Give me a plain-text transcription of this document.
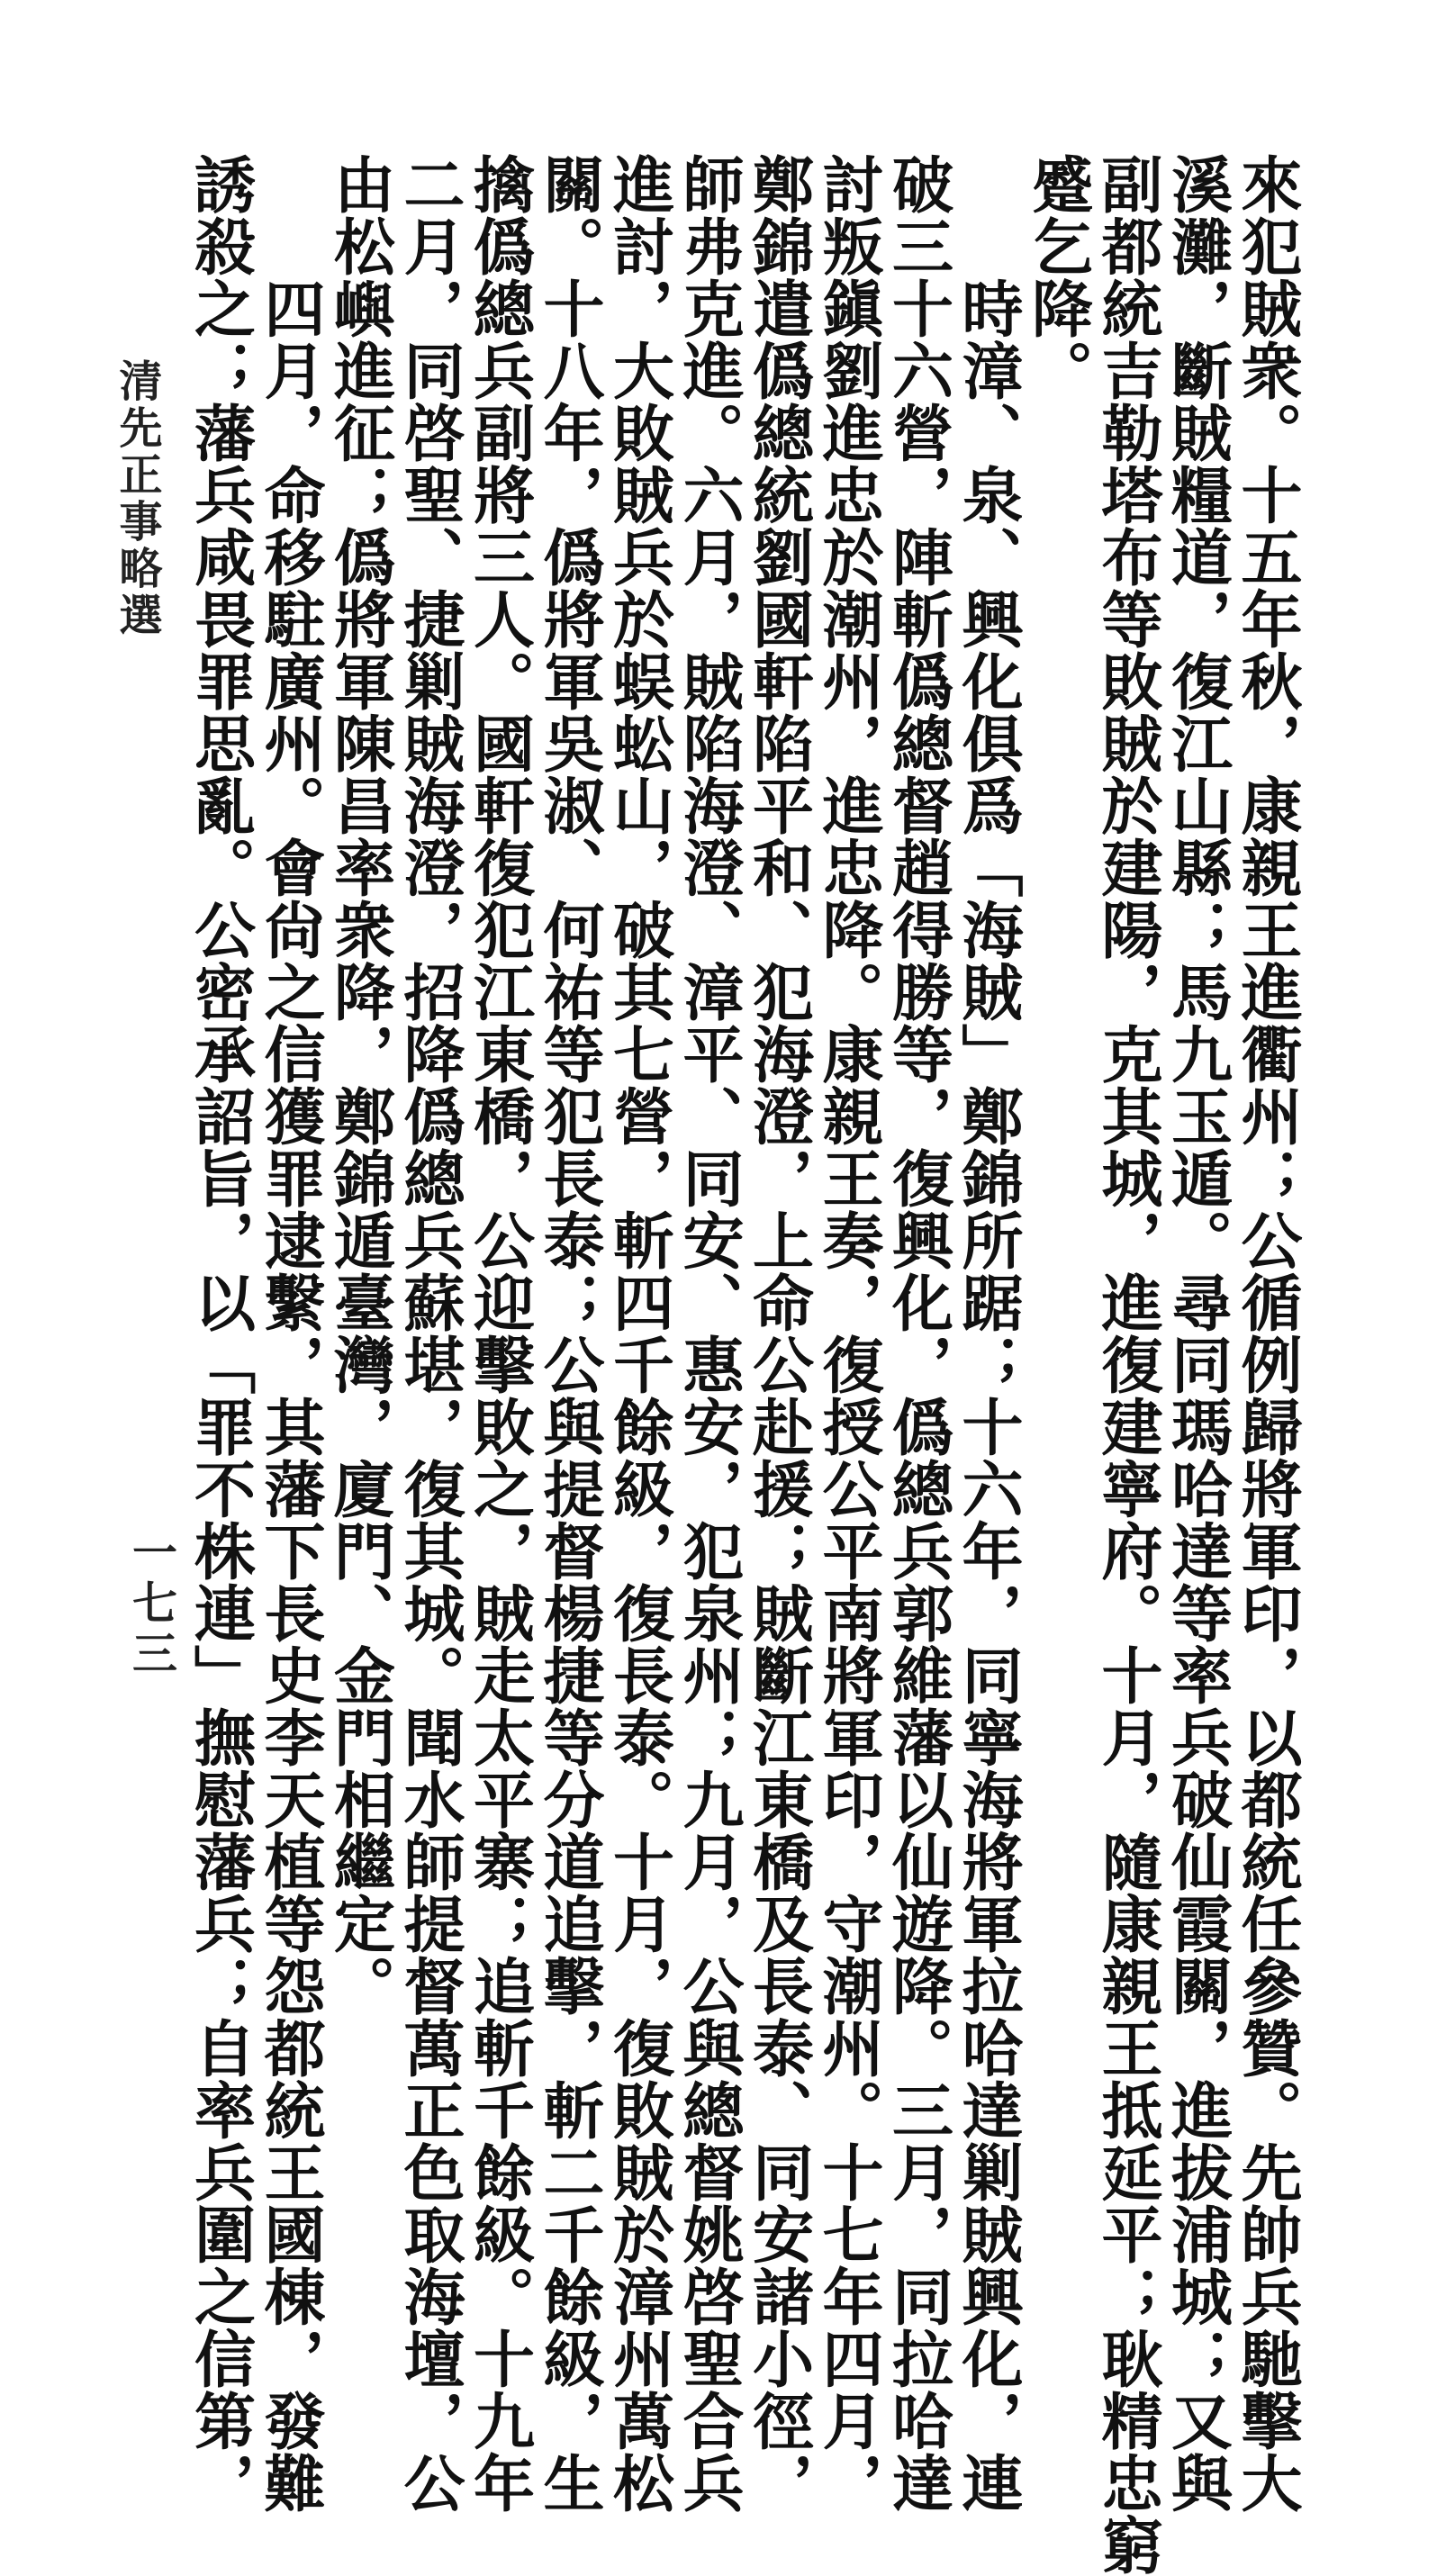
來犯賊衆。十五年秋，康親王進衢州；公循例歸將軍印，以都統任參贊。先帥兵馳擊大
溪灘，斷賊糧道，復江山縣；馬九玉遁。尋同瑪哈達等率兵破仙霞關，進拔浦城；又與
副都統吉勒塔布等敗賊於建陽，克其城，進復建寧府。十月，隨康親王抵延平；耿精忠窮
蹙乞降。
　　時漳、泉、興化俱爲「海賊」鄭錦所踞；十六年，同寧海將軍拉哈達剿賊興化，連
破三十六營，陣斬僞總督趙得勝等，復興化，僞總兵郭維藩以仙遊降。三月，同拉哈達
討叛鎭劉進忠於潮州，進忠降。康親王奏，復授公平南將軍印，守潮州。十七年四月，
鄭錦遣僞總統劉國軒陷平和、犯海澄，上命公赴援；賊斷江東橋及長泰、同安諸小徑，
師弗克進。六月，賊陷海澄、漳平、同安、惠安，犯泉州；九月，公與總督姚啓聖合兵
進討，大敗賊兵於蜈蚣山，破其七營，斬四千餘級，復長泰。十月，復敗賊於漳州萬松
關。十八年，僞將軍吳淑、何祐等犯長泰；公與提督楊捷等分道追擊，斬二千餘級，生
擒僞總兵副將三人。國軒復犯江東橋，公迎擊敗之，賊走太平寨；追斬千餘級。十九年
二月，同啓聖、捷剿賊海澄，招降僞總兵蘇堪，復其城。聞水師提督萬正色取海壇，公
由松嶼進征；僞將軍陳昌率衆降，鄭錦遁臺灣，廈門、金門相繼定。
　　四月，命移駐廣州。會尙之信獲罪逮繫，其藩下長史李天植等怨都統王國棟，發難
誘殺之；藩兵咸畏罪思亂。公密承詔旨，以「罪不株連」撫慰藩兵；自率兵圍之信第，
清先正事略選
一七三
